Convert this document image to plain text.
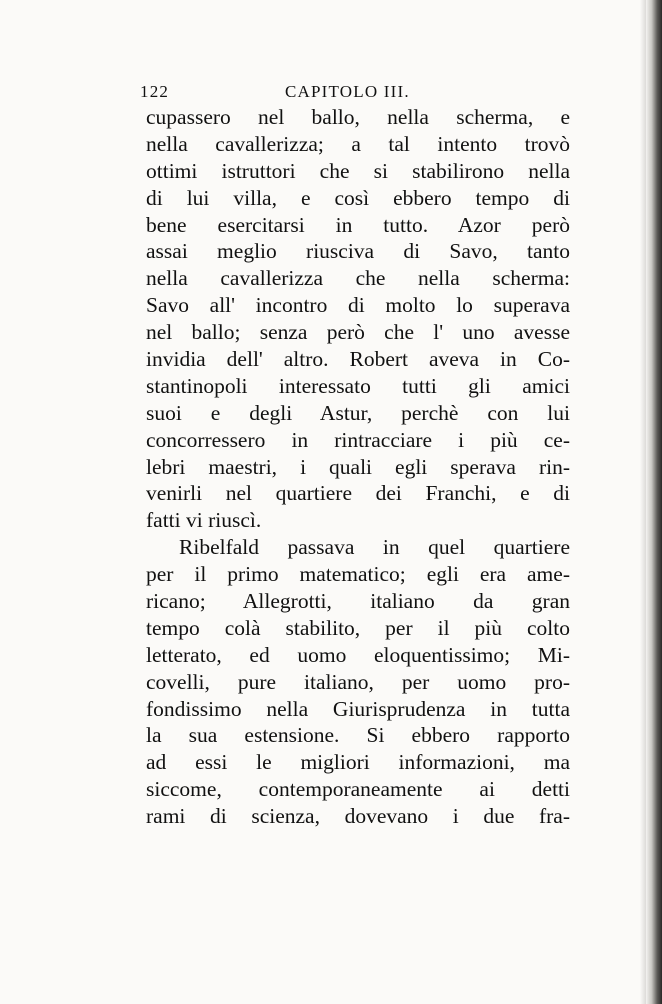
122	CAPITOLO III.
cupassero nel ballo, nella scherma, e
nella cavallerizza; a tal intento trovò
ottimi istruttori che si stabilirono nella
di lui villa, e così ebbero tempo di
bene esercitarsi in tutto. Azor però
assai meglio riusciva di Savo, tanto
nella cavallerizza che nella scherma:
Savo all' incontro di molto lo superava
nel ballo; senza però che l' uno avesse
invidia dell' altro. Robert aveva in Co-
stantinopoli interessato tutti gli amici
suoi e degli Astur, perchè con lui
concorressero in rintracciare i più ce-
lebri maestri, i quali egli sperava rin-
venirli nel quartiere dei Franchi, e di
fatti vi riuscì.
Ribelfald passava in quel quartiere
per il primo matematico; egli era ame-
ricano; Allegrotti, italiano da gran
tempo colà stabilito, per il più colto
letterato, ed uomo eloquentissimo; Mi-
covelli, pure italiano, per uomo pro-
fondissimo nella Giurisprudenza in tutta
la sua estensione. Si ebbero rapporto
ad essi le migliori informazioni, ma
siccome, contemporaneamente ai detti
rami di scienza, dovevano i due fra-
